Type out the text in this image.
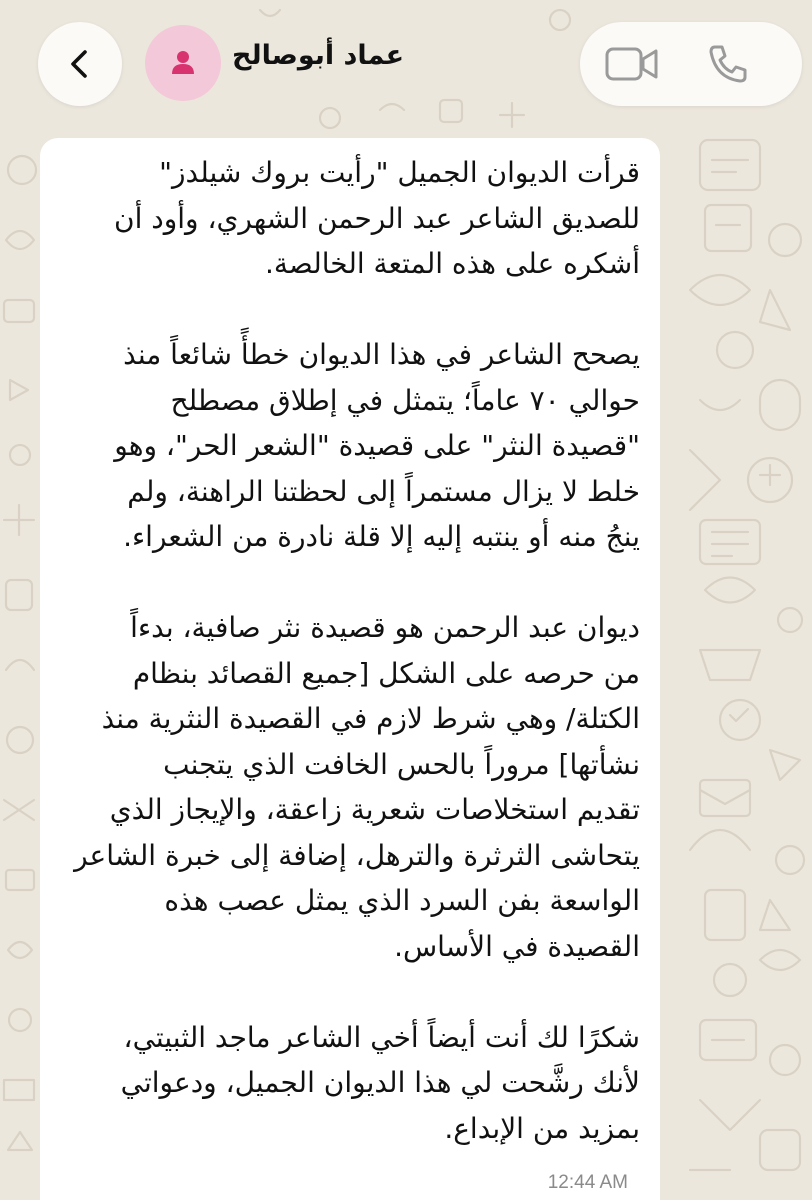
عماد أبوصالح

قرأت الديوان الجميل "رأيت بروك شيلدز"
للصديق الشاعر عبد الرحمن الشهري، وأود أن
أشكره على هذه المتعة الخالصة.

يصحح الشاعر في هذا الديوان خطأً شائعاً منذ
حوالي ٧٠ عاماً؛ يتمثل في إطلاق مصطلح
"قصيدة النثر" على قصيدة "الشعر الحر"، وهو
خلط لا يزال مستمراً إلى لحظتنا الراهنة، ولم
ينجُ منه أو ينتبه إليه إلا قلة نادرة من الشعراء.

ديوان عبد الرحمن هو قصيدة نثر صافية، بدءاً
من حرصه على الشكل [جميع القصائد بنظام
الكتلة/ وهي شرط لازم في القصيدة النثرية منذ
نشأتها] مروراً بالحس الخافت الذي يتجنب
تقديم استخلاصات شعرية زاعقة، والإيجاز الذي
يتحاشى الثرثرة والترهل، إضافة إلى خبرة الشاعر
الواسعة بفن السرد الذي يمثل عصب هذه
القصيدة في الأساس.

شكرًا لك أنت أيضاً أخي الشاعر ماجد الثبيتي،
لأنك رشَّحت لي هذا الديوان الجميل، ودعواتي
بمزيد من الإبداع.

12:44 AM
